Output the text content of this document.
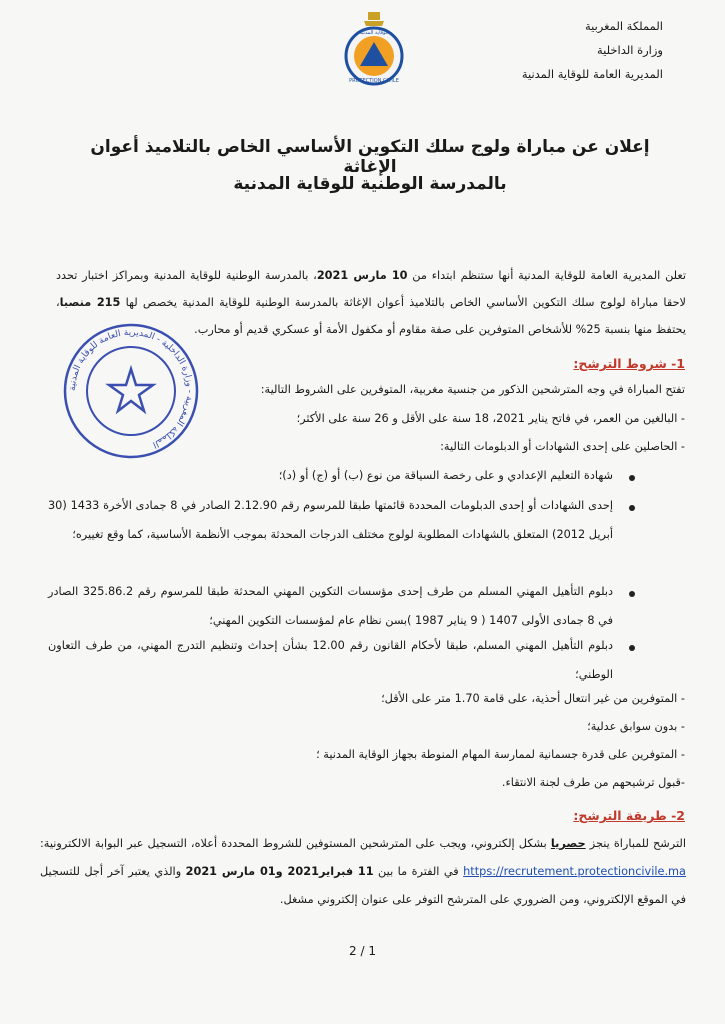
المملكة المغربية
وزارة الداخلية
المديرية العامة للوقاية المدنية
الوقاية المدنية
PROTECTION CIVILE
إعلان عن مباراة ولوج سلك التكوين الأساسي الخاص بالتلاميذ أعوان الإغاثة
بالمدرسة الوطنية للوقاية المدنية
تعلن المديرية العامة للوقاية المدنية أنها ستنظم ابتداء من 10 مارس 2021، بالمدرسة الوطنية للوقاية المدنية وبمراكز اختبار تحدد لاحقا مباراة لولوج سلك التكوين الأساسي الخاص بالتلاميذ أعوان الإغاثة بالمدرسة الوطنية للوقاية المدنية يخصص لها 215 منصبا، يحتفظ منها بنسبة 25% للأشخاص المتوفرين على صفة مقاوم أو مكفول الأمة أو عسكري قديم أو محارب.
المملكة المغربية - وزارة الداخلية - المديرية العامة للوقاية المدنية
1- شروط الترشح:
تفتح المباراة في وجه المترشحين الذكور من جنسية مغربية، المتوفرين على الشروط التالية:
- البالغين من العمر، في فاتح يناير 2021، 18 سنة على الأقل و 26 سنة على الأكثر؛
- الحاصلين على إحدى الشهادات أو الدبلومات التالية:
شهادة التعليم الإعدادي و على رخصة السياقة من نوع (ب) أو (ج) أو (د)؛
إحدى الشهادات أو إحدى الدبلومات المحددة قائمتها طبقا للمرسوم رقم 2.12.90 الصادر في 8 جمادى الأخرة 1433 (30 أبريل 2012) المتعلق بالشهادات المطلوبة لولوج مختلف الدرجات المحدثة بموجب الأنظمة الأساسية، كما وقع تغييره؛
دبلوم التأهيل المهني المسلم من طرف إحدى مؤسسات التكوين المهني المحدثة طبقا للمرسوم رقم 325.86.2 الصادر في 8 جمادى الأولى 1407 ( 9 يناير 1987 )بسن نظام عام لمؤسسات التكوين المهني؛
دبلوم التأهيل المهني المسلم، طبقا لأحكام القانون رقم 12.00 بشأن إحداث وتنظيم التدرج المهني، من طرف التعاون الوطني؛
- المتوفرين من غير انتعال أحذية، على قامة 1.70 متر على الأقل؛
- بدون سوابق عدلية؛
- المتوفرين على قدرة جسمانية لممارسة المهام المنوطة بجهاز الوقاية المدنية ؛
-قبول ترشيحهم من طرف لجنة الانتقاء.
2- طريقة الترشح:
الترشح للمباراة ينجز حصريا بشكل إلكتروني، ويجب على المترشحين المستوفين للشروط المحددة أعلاه، التسجيل عبر البوابة الالكترونية: https://recrutement.protectioncivile.ma في الفترة ما بين 11 فبراير2021 و01 مارس 2021 والذي يعتبر آخر أجل للتسجيل في الموقع الإلكتروني، ومن الضروري على المترشح التوفر على عنوان إلكتروني مشغل.
2 / 1
